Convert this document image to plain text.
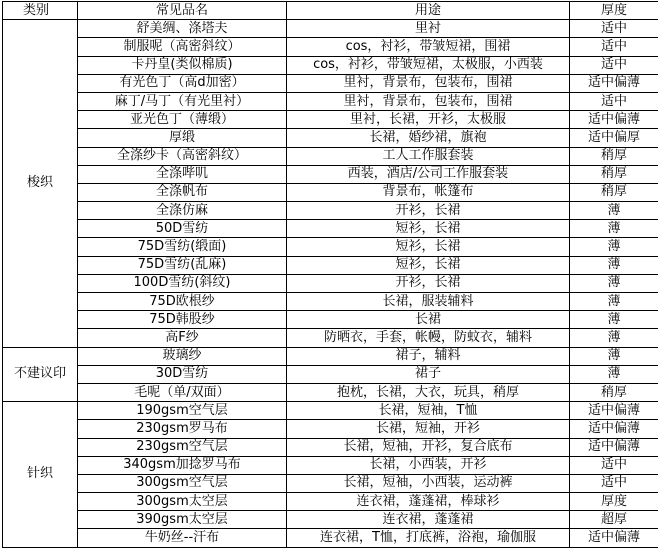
类别	常见品名	用途	厚度
梭织	舒美绸、涤塔夫	里衬	适中
	制服呢（高密斜纹）	cos，衬衫，带皱短裙，围裙	适中
	卡丹皇(类似棉质)	cos，衬衫，带皱短裙，太极服，小西装	适中
	有光色丁（高d加密）	里衬，背景布，包装布，围裙	适中偏薄
	麻丁/马丁（有光里衬）	里衬，背景布，包装布，围裙	适中
	亚光色丁（薄缎）	里衬，长裙，开衫，太极服	适中偏薄
	厚缎	长裙，婚纱裙，旗袍	适中偏厚
	全涤纱卡（高密斜纹）	工人工作服套装	稍厚
	全涤哔叽	西装，酒店/公司工作服套装	稍厚
	全涤帆布	背景布，帐篷布	稍厚
	全涤仿麻	开衫，长裙	薄
	50D雪纺	短衫，长裙	薄
	75D雪纺(缎面)	短衫，长裙	薄
	75D雪纺(乱麻)	短衫，长裙	薄
	100D雪纺(斜纹)	开衫，长裙	薄
	75D欧根纱	长裙，服装辅料	薄
	75D韩股纱	长裙	薄
	高F纱	防晒衣，手套，帐幔，防蚊衣，辅料	薄
不建议印	玻璃纱	裙子，辅料	薄
	30D雪纺	裙子	薄
	毛呢（单/双面）	抱枕，长裙，大衣，玩具，稍厚	稍厚
针织	190gsm空气层	长裙，短袖，T恤	适中偏薄
	230gsm罗马布	长裙，短袖，开衫	适中偏薄
	230gsm空气层	长裙，短袖，开衫，复合底布	适中偏薄
	340gsm加捻罗马布	长裙，小西装，开衫	适中
	300gsm空气层	长裙，短袖，小西装，运动裤	适中
	300gsm太空层	连衣裙，蓬蓬裙，棒球衫	厚度
	390gsm太空层	连衣裙，蓬蓬裙	超厚
	牛奶丝--汗布	连衣裙，T恤，打底裤，浴袍，瑜伽服	适中偏薄
